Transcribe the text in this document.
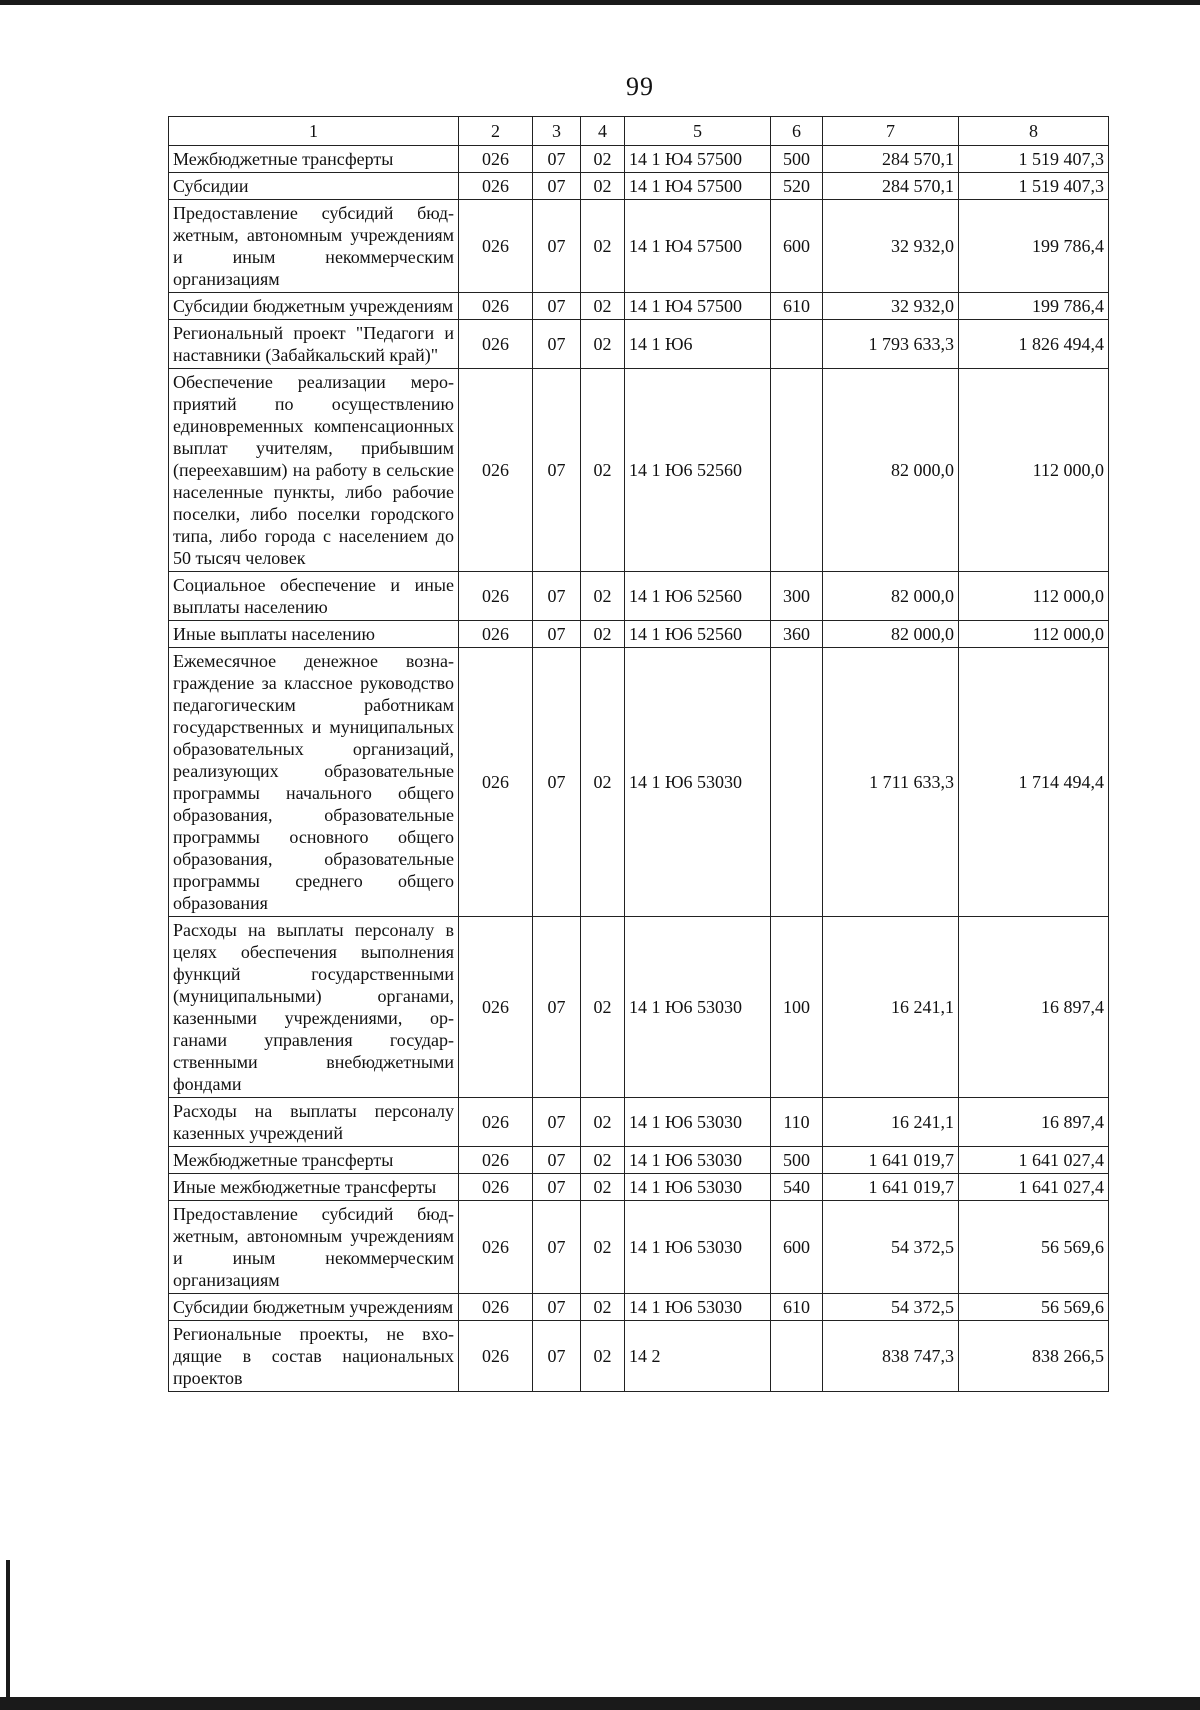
99
1	2	3	4	5	6	7	8
Межбюджетные трансферты	026	07	02	14 1 Ю4 57500	500	284 570,1	1 519 407,3
Субсидии	026	07	02	14 1 Ю4 57500	520	284 570,1	1 519 407,3
Предоставление субсидий бюджетным, автономным учреждениям и иным некоммерческим организациям	026	07	02	14 1 Ю4 57500	600	32 932,0	199 786,4
Субсидии бюджетным учреждениям	026	07	02	14 1 Ю4 57500	610	32 932,0	199 786,4
Региональный проект "Педагоги и наставники (Забайкальский край)"	026	07	02	14 1 Ю6		1 793 633,3	1 826 494,4
Обеспечение реализации мероприятий по осуществлению единовременных компенсационных выплат учителям, прибывшим (переехавшим) на работу в сельские населенные пункты, либо рабочие поселки, либо поселки городского типа, либо города с населением до 50 тысяч человек	026	07	02	14 1 Ю6 52560		82 000,0	112 000,0
Социальное обеспечение и иные выплаты населению	026	07	02	14 1 Ю6 52560	300	82 000,0	112 000,0
Иные выплаты населению	026	07	02	14 1 Ю6 52560	360	82 000,0	112 000,0
Ежемесячное денежное вознаграждение за классное руководство педагогическим работникам государственных и муниципальных образовательных организаций, реализующих образовательные программы начального общего образования, образовательные программы основного общего образования, образовательные программы среднего общего образования	026	07	02	14 1 Ю6 53030		1 711 633,3	1 714 494,4
Расходы на выплаты персоналу в целях обеспечения выполнения функций государственными (муниципальными) органами, казенными учреждениями, органами управления государственными внебюджетными фондами	026	07	02	14 1 Ю6 53030	100	16 241,1	16 897,4
Расходы на выплаты персоналу казенных учреждений	026	07	02	14 1 Ю6 53030	110	16 241,1	16 897,4
Межбюджетные трансферты	026	07	02	14 1 Ю6 53030	500	1 641 019,7	1 641 027,4
Иные межбюджетные трансферты	026	07	02	14 1 Ю6 53030	540	1 641 019,7	1 641 027,4
Предоставление субсидий бюджетным, автономным учреждениям и иным некоммерческим организациям	026	07	02	14 1 Ю6 53030	600	54 372,5	56 569,6
Субсидии бюджетным учреждениям	026	07	02	14 1 Ю6 53030	610	54 372,5	56 569,6
Региональные проекты, не входящие в состав национальных проектов	026	07	02	14 2		838 747,3	838 266,5
